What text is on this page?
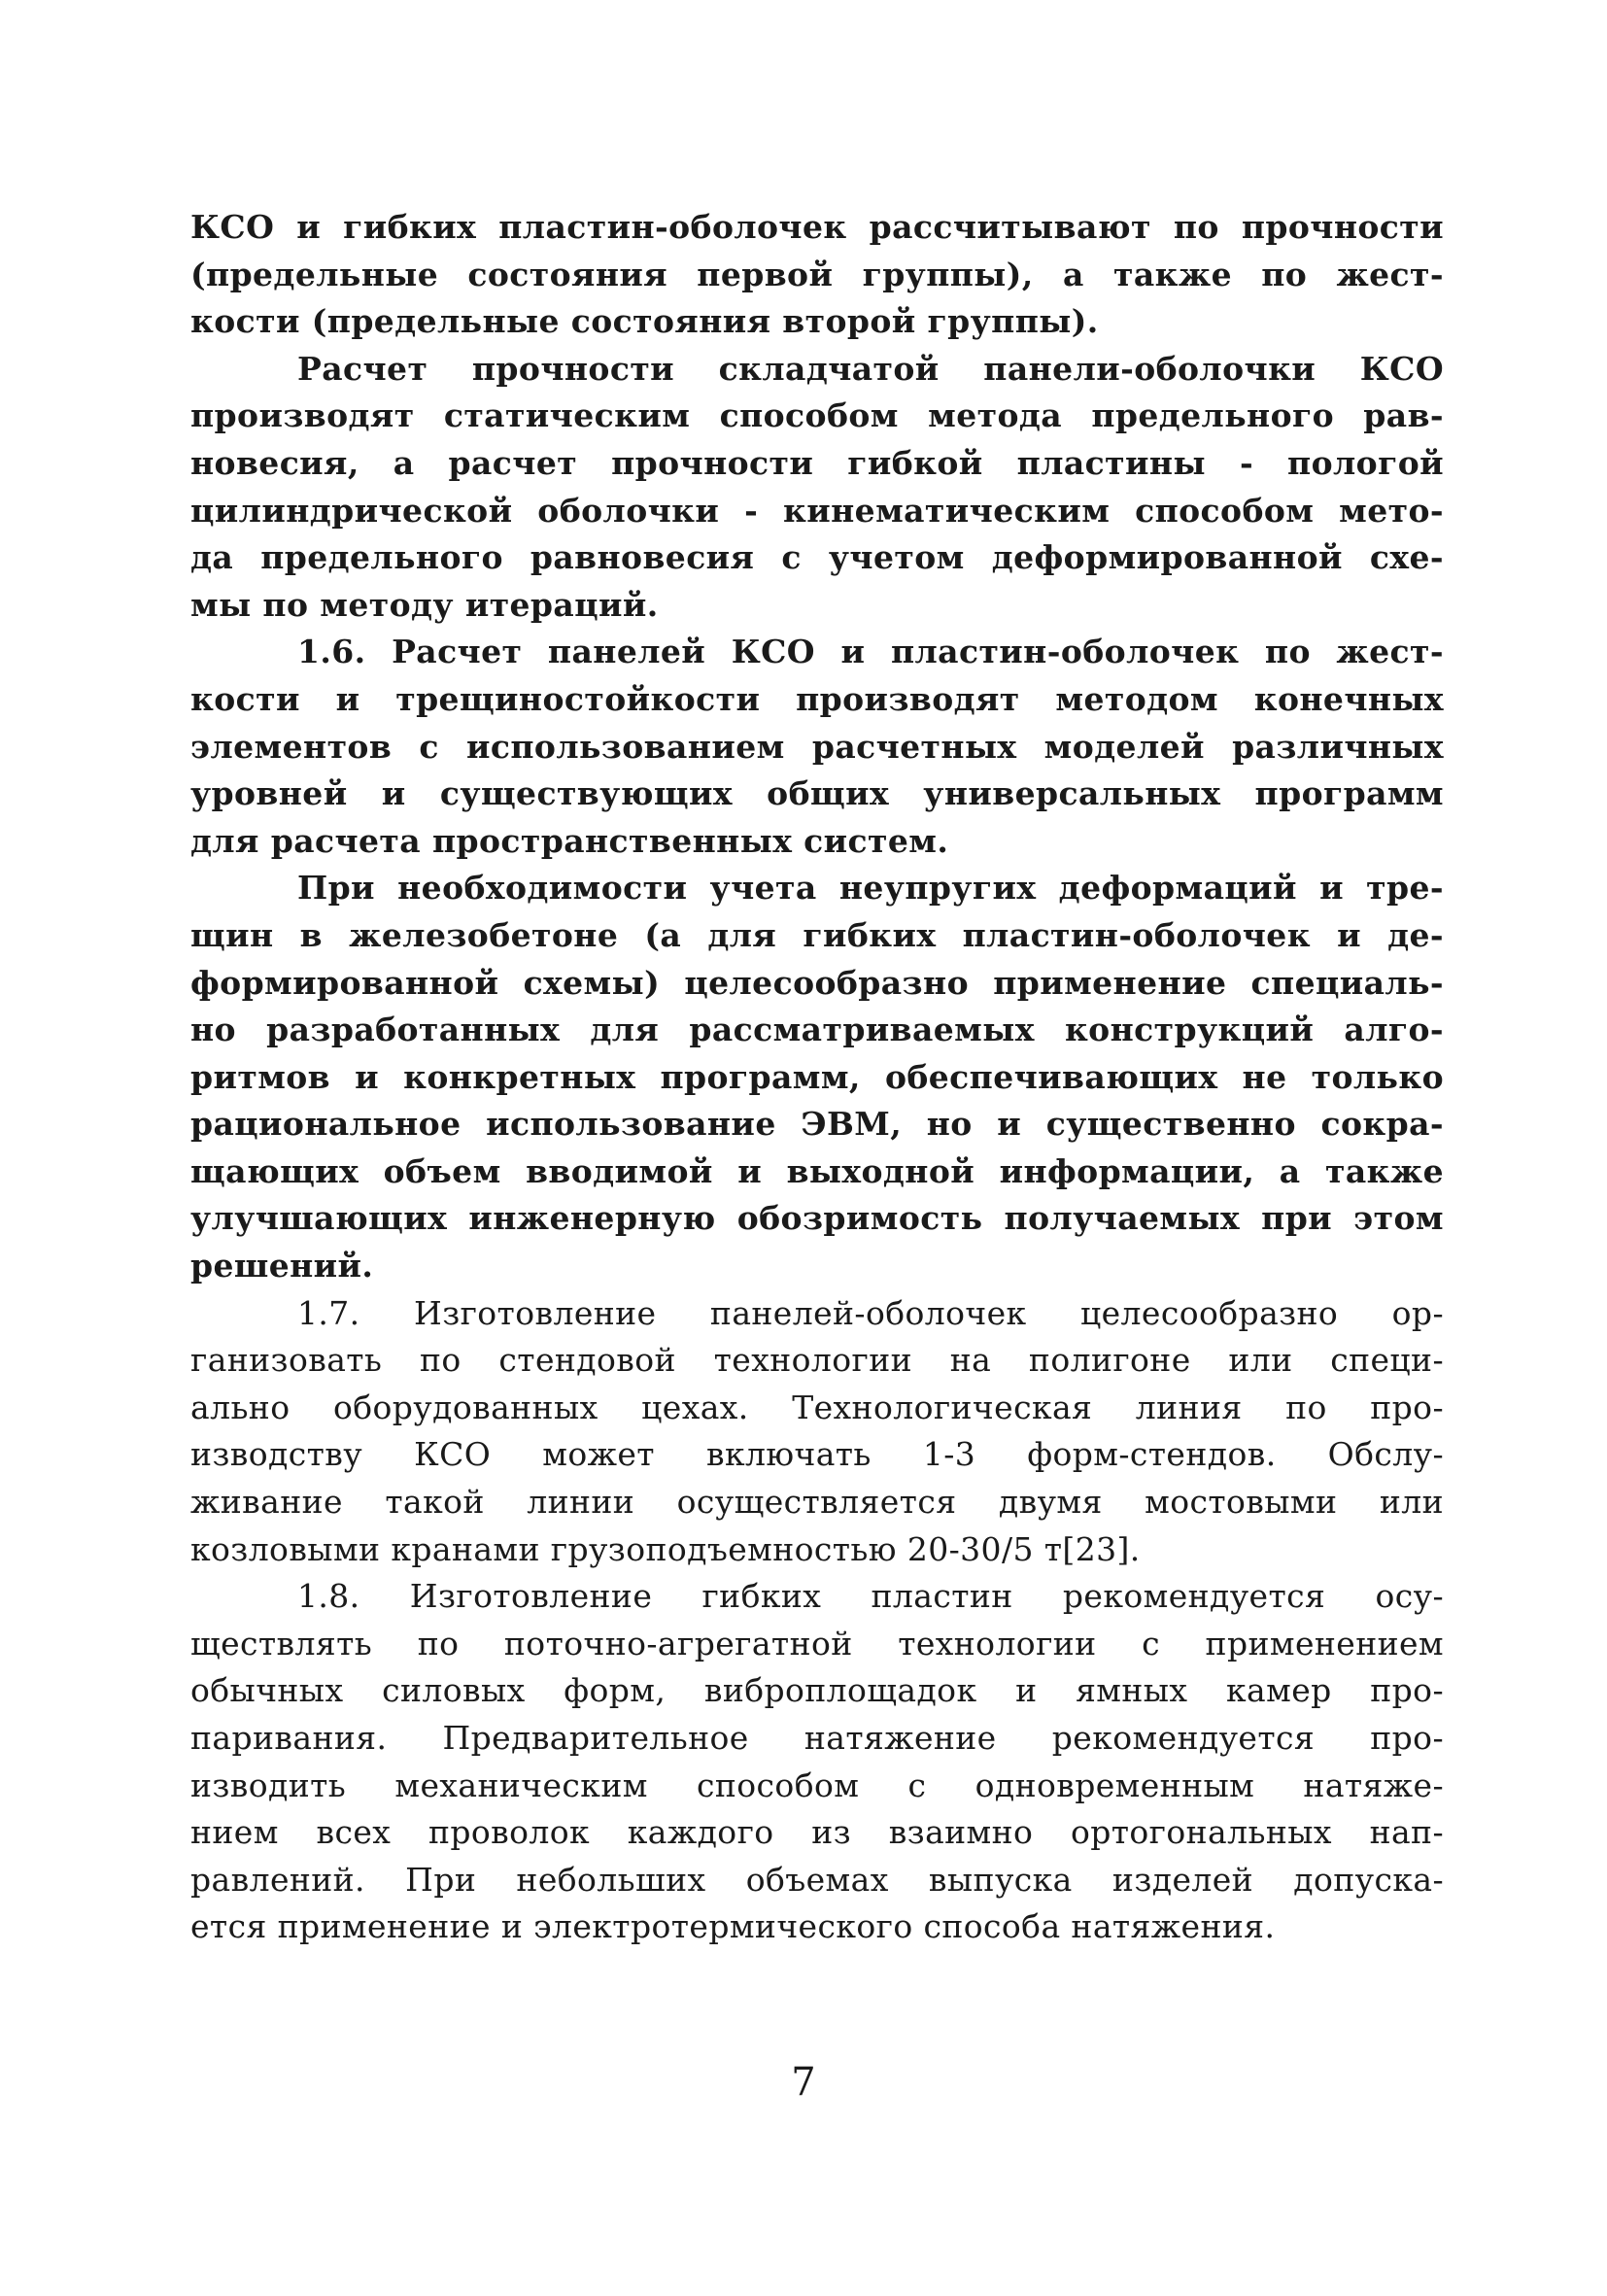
КСО и гибких пластин-оболочек рассчитывают по прочности
(предельные состояния первой группы), а также по жест-
кости (предельные состояния второй группы).
Расчет прочности складчатой панели-оболочки КСО
производят статическим способом метода предельного рав-
новесия, а расчет прочности гибкой пластины - пологой
цилиндрической оболочки - кинематическим способом мето-
да предельного равновесия с учетом деформированной схе-
мы по методу итераций.
1.6. Расчет панелей КСО и пластин-оболочек по жест-
кости и трещиностойкости производят методом конечных
элементов с использованием расчетных моделей различных
уровней и существующих общих универсальных программ
для расчета пространственных систем.
При необходимости учета неупругих деформаций и тре-
щин в железобетоне (а для гибких пластин-оболочек и де-
формированной схемы) целесообразно применение специаль-
но разработанных для рассматриваемых конструкций алго-
ритмов и конкретных программ, обеспечивающих не только
рациональное использование ЭВМ, но и существенно сокра-
щающих объем вводимой и выходной информации, а также
улучшающих инженерную обозримость получаемых при этом
решений.
1.7. Изготовление панелей-оболочек целесообразно ор-
ганизовать по стендовой технологии на полигоне или специ-
ально оборудованных цехах. Технологическая линия по про-
изводству КСО может включать 1-3 форм-стендов. Обслу-
живание такой линии осуществляется двумя мостовыми или
козловыми кранами грузоподъемностью 20-30/5 т[23].
1.8. Изготовление гибких пластин рекомендуется осу-
ществлять по поточно-агрегатной технологии с применением
обычных силовых форм, виброплощадок и ямных камер про-
паривания. Предварительное натяжение рекомендуется про-
изводить механическим способом с одновременным натяже-
нием всех проволок каждого из взаимно ортогональных нап-
равлений. При небольших объемах выпуска изделей допуска-
ется применение и электротермического способа натяжения.
7
